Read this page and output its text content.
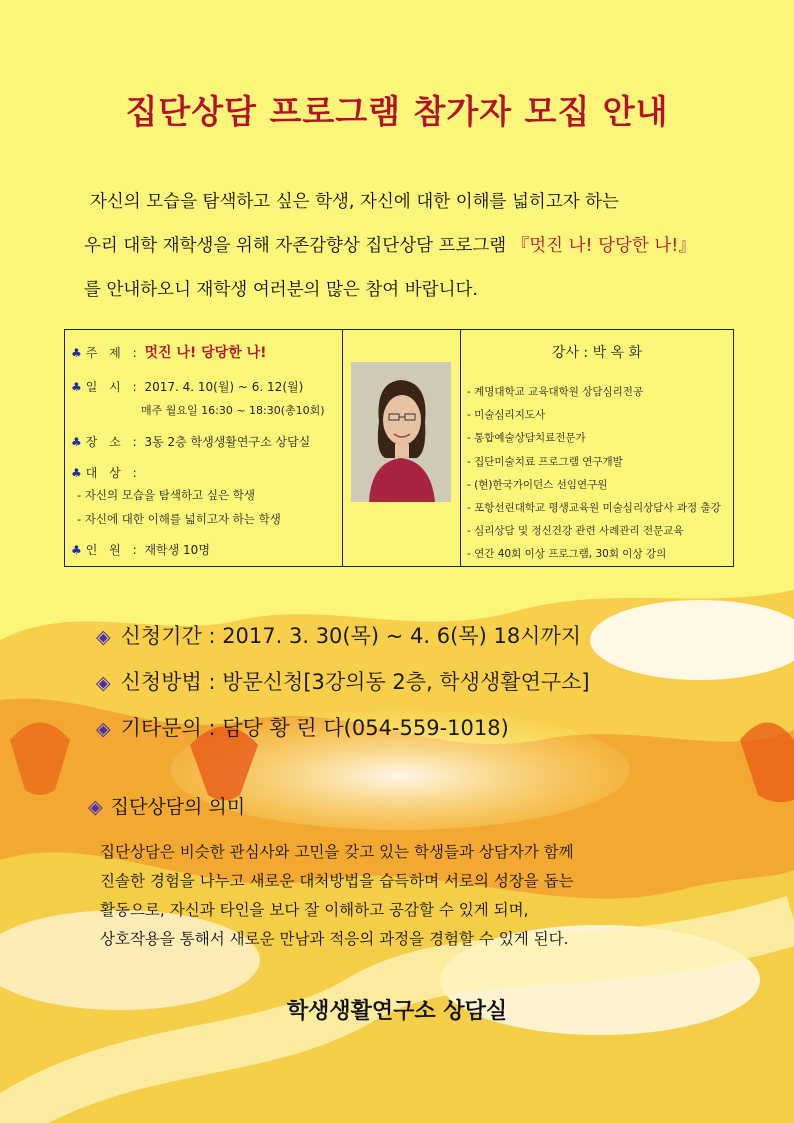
집단상담 프로그램 참가자 모집 안내

자신의 모습을 탐색하고 싶은 학생, 자신에 대한 이해를 넓히고자 하는

우리 대학 재학생을 위해 자존감향상 집단상담 프로그램 『멋진 나! 당당한 나!』

를 안내하오니 재학생 여러분의 많은 참여 바랍니다.

♣ 주 제 : 멋진 나! 당당한 나!
♣ 일 시 : 2017. 4. 10(월) ~ 6. 12(월)
매주 월요일 16:30 ~ 18:30(총10회)
♣ 장 소 : 3동 2층 학생생활연구소 상담실
♣ 대 상 :
- 자신의 모습을 탐색하고 싶은 학생
- 자신에 대한 이해를 넓히고자 하는 학생
♣ 인 원 : 재학생 10명
강사 : 박 옥 화
- 계명대학교 교육대학원 상담심리전공
- 미술심리지도사
- 통합예술상담치료전문가
- 집단미술치료 프로그램 연구개발
- (현)한국가이던스 선임연구원
- 포항선린대학교 평생교육원 미술심리상담사 과정 출강
- 심리상담 및 정신건강 관련 사례관리 전문교육
- 연간 40회 이상 프로그램, 30회 이상 강의
◈ 신청기간 : 2017. 3. 30(목) ~ 4. 6(목) 18시까지
◈ 신청방법 : 방문신청[3강의동 2층, 학생생활연구소]
◈ 기타문의 : 담당 황 린 다(054-559-1018)
◈ 집단상담의 의미

집단상담은 비슷한 관심사와 고민을 갖고 있는 학생들과 상담자가 함께

진솔한 경험을 나누고 새로운 대처방법을 습득하며 서로의 성장을 돕는

활동으로, 자신과 타인을 보다 잘 이해하고 공감할 수 있게 되며,

상호작용을 통해서 새로운 만남과 적응의 과정을 경험할 수 있게 된다.

학생생활연구소 상담실
